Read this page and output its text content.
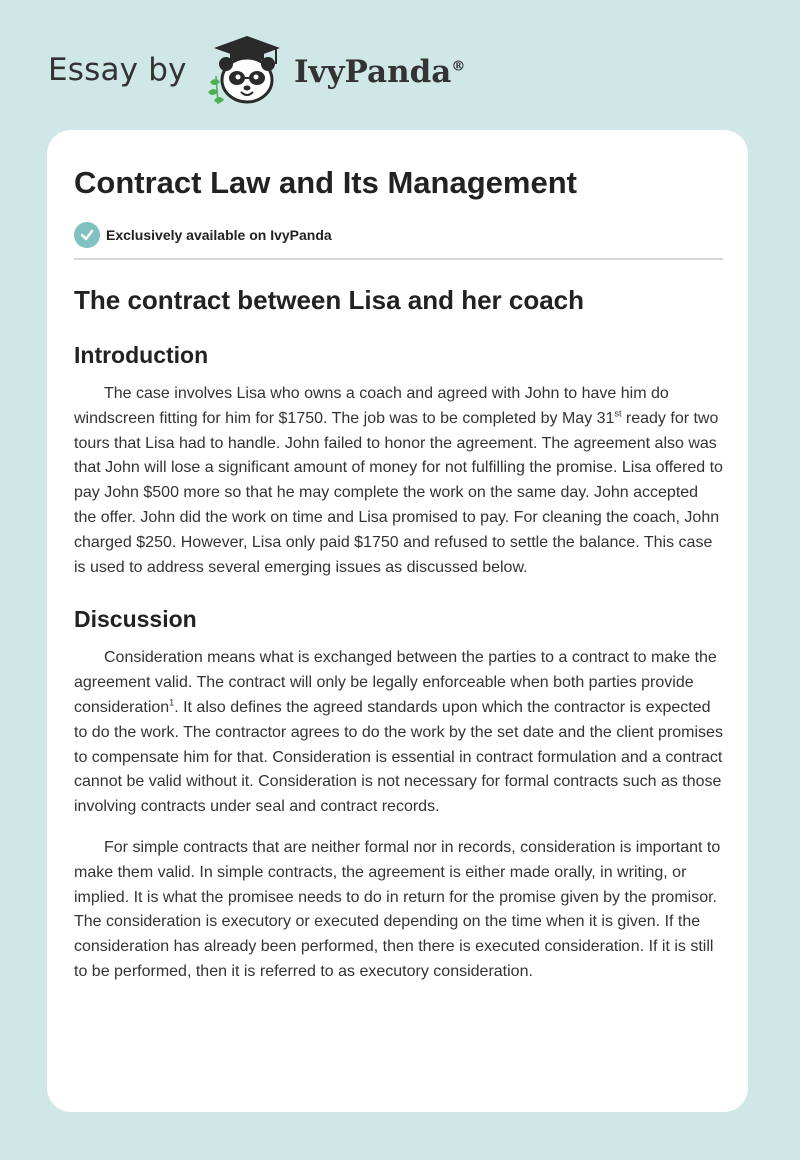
Essay by	IvyPanda®
Contract Law and Its Management
Exclusively available on IvyPanda
The contract between Lisa and her coach
Introduction

The case involves Lisa who owns a coach and agreed with John to have him do windscreen fitting for him for $1750. The job was to be completed by May 31st ready for two tours that Lisa had to handle. John failed to honor the agreement. The agreement also was that John will lose a significant amount of money for not fulfilling the promise. Lisa offered to pay John $500 more so that he may complete the work on the same day. John accepted the offer. John did the work on time and Lisa promised to pay. For cleaning the coach, John charged $250. However, Lisa only paid $1750 and refused to settle the balance. This case is used to address several emerging issues as discussed below.

Discussion

Consideration means what is exchanged between the parties to a contract to make the agreement valid. The contract will only be legally enforceable when both parties provide consideration$^1$. It also defines the agreed standards upon which the contractor is expected to do the work. The contractor agrees to do the work by the set date and the client promises to compensate him for that. Consideration is essential in contract formulation and a contract cannot be valid without it. Consideration is not necessary for formal contracts such as those involving contracts under seal and contract records.

For simple contracts that are neither formal nor in records, consideration is important to make them valid. In simple contracts, the agreement is either made orally, in writing, or implied. It is what the promisee needs to do in return for the promise given by the promisor. The consideration is executory or executed depending on the time when it is given. If the consideration has already been performed, then there is executed consideration. If it is still to be performed, then it is referred to as executory consideration.
